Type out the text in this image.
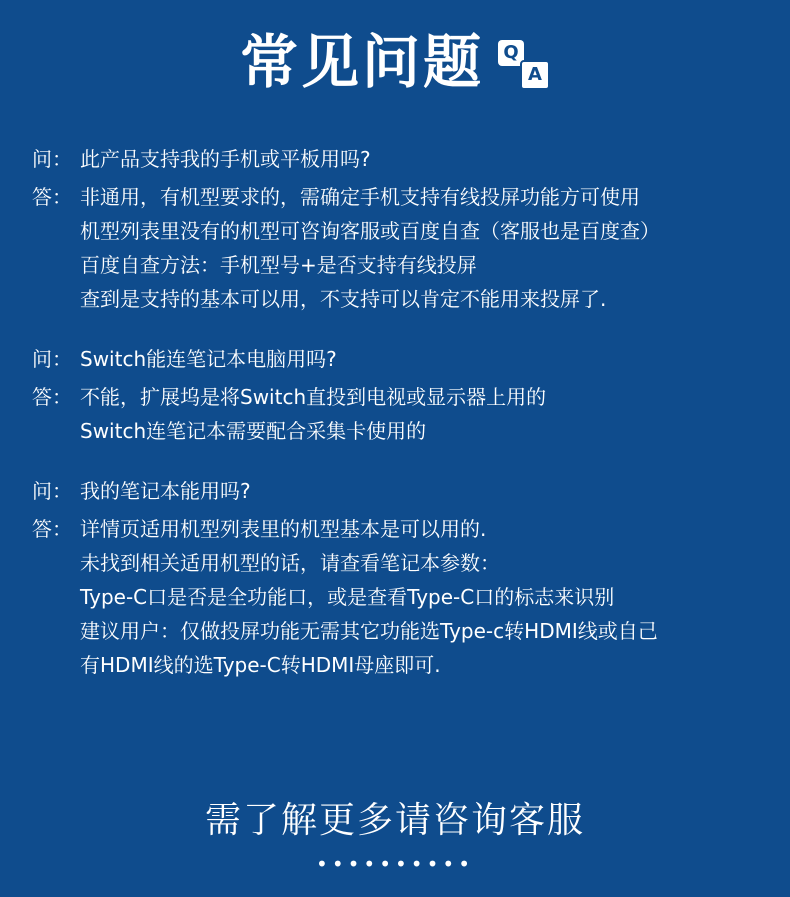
常见问题 Q
A
问： 此产品支持我的手机或平板用吗?
答： 非通用，有机型要求的，需确定手机支持有线投屏功能方可使用
机型列表里没有的机型可咨询客服或百度自查（客服也是百度查）
百度自查方法：手机型号+是否支持有线投屏
查到是支持的基本可以用，不支持可以肯定不能用来投屏了.
问： Switch能连笔记本电脑用吗?
答： 不能，扩展坞是将Switch直投到电视或显示器上用的
Switch连笔记本需要配合采集卡使用的
问： 我的笔记本能用吗?
答： 详情页适用机型列表里的机型基本是可以用的.
未找到相关适用机型的话，请查看笔记本参数：
Type-C口是否是全功能口，或是查看Type-C口的标志来识别
建议用户：仅做投屏功能无需其它功能选Type-c转HDMI线或自己
有HDMI线的选Type-C转HDMI母座即可.
需了解更多请咨询客服
••••••••••
